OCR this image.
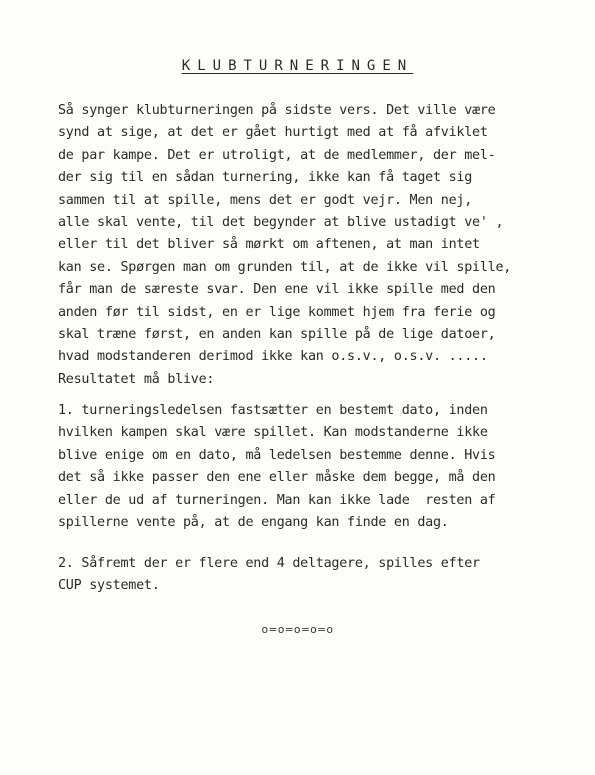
KLUBTURNERINGEN
Så synger klubturneringen på sidste vers. Det ville være
synd at sige, at det er gået hurtigt med at få afviklet
de par kampe. Det er utroligt, at de medlemmer, der mel-
der sig til en sådan turnering, ikke kan få taget sig
sammen til at spille, mens det er godt vejr. Men nej,
alle skal vente, til det begynder at blive ustadigt ve' ,
eller til det bliver så mørkt om aftenen, at man intet
kan se. Spørgen man om grunden til, at de ikke vil spille,
får man de særeste svar. Den ene vil ikke spille med den
anden før til sidst, en er lige kommet hjem fra ferie og
skal træne først, en anden kan spille på de lige datoer,
hvad modstanderen derimod ikke kan o.s.v., o.s.v. .....
Resultatet må blive:
1. turneringsledelsen fastsætter en bestemt dato, inden
hvilken kampen skal være spillet. Kan modstanderne ikke
blive enige om en dato, må ledelsen bestemme denne. Hvis
det så ikke passer den ene eller måske dem begge, må den
eller de ud af turneringen. Man kan ikke lade  resten af
spillerne vente på, at de engang kan finde en dag.
2. Såfremt der er flere end 4 deltagere, spilles efter
CUP systemet.
o=o=o=o=o
